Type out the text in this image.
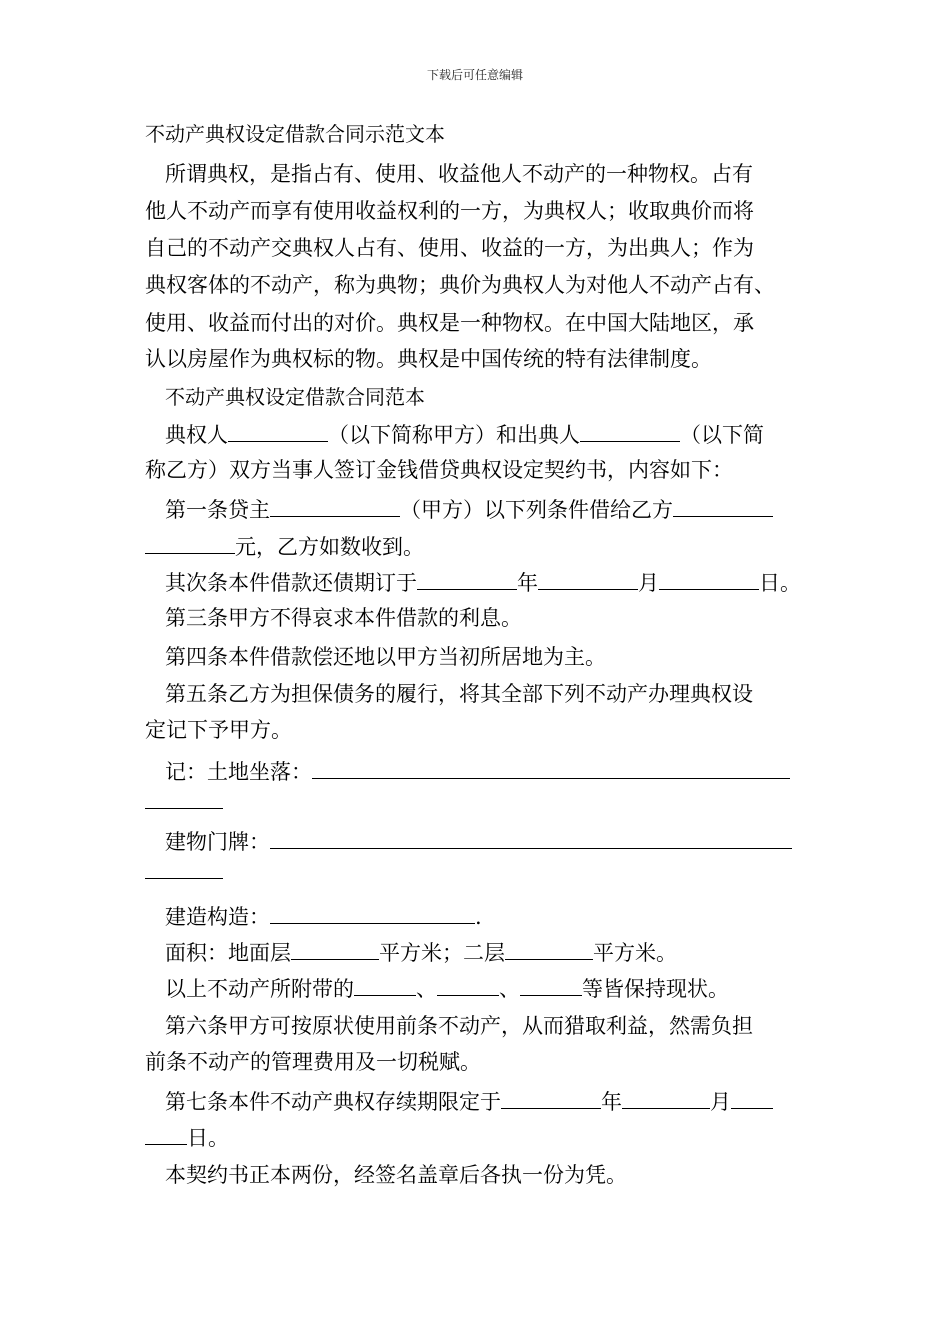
下载后可任意编辑
不动产典权设定借款合同示范文本
所谓典权，是指占有、使用、收益他人不动产的一种物权。占有
他人不动产而享有使用收益权利的一方，为典权人；收取典价而将
自己的不动产交典权人占有、使用、收益的一方，为出典人；作为
典权客体的不动产，称为典物；典价为典权人为对他人不动产占有、
使用、收益而付出的对价。典权是一种物权。在中国大陆地区，承
认以房屋作为典权标的物。典权是中国传统的特有法律制度。
不动产典权设定借款合同范本
典权人	（以下简称甲方）和出典人	（以下简
称乙方）双方当事人签订金钱借贷典权设定契约书，内容如下：
第一条贷主	（甲方）以下列条件借给乙方
元，乙方如数收到。
其次条本件借款还债期订于	年	月	日。
第三条甲方不得哀求本件借款的利息。
第四条本件借款偿还地以甲方当初所居地为主。
第五条乙方为担保债务的履行，将其全部下列不动产办理典权设
定记下予甲方。
记：土地坐落：
建物门牌：
建造构造：	.
面积：地面层	平方米；二层	平方米。
以上不动产所附带的	、	、	等皆保持现状。
第六条甲方可按原状使用前条不动产，从而猎取利益，然需负担
前条不动产的管理费用及一切税赋。
第七条本件不动产典权存续期限定于	年	月
日。
本契约书正本两份，经签名盖章后各执一份为凭。
